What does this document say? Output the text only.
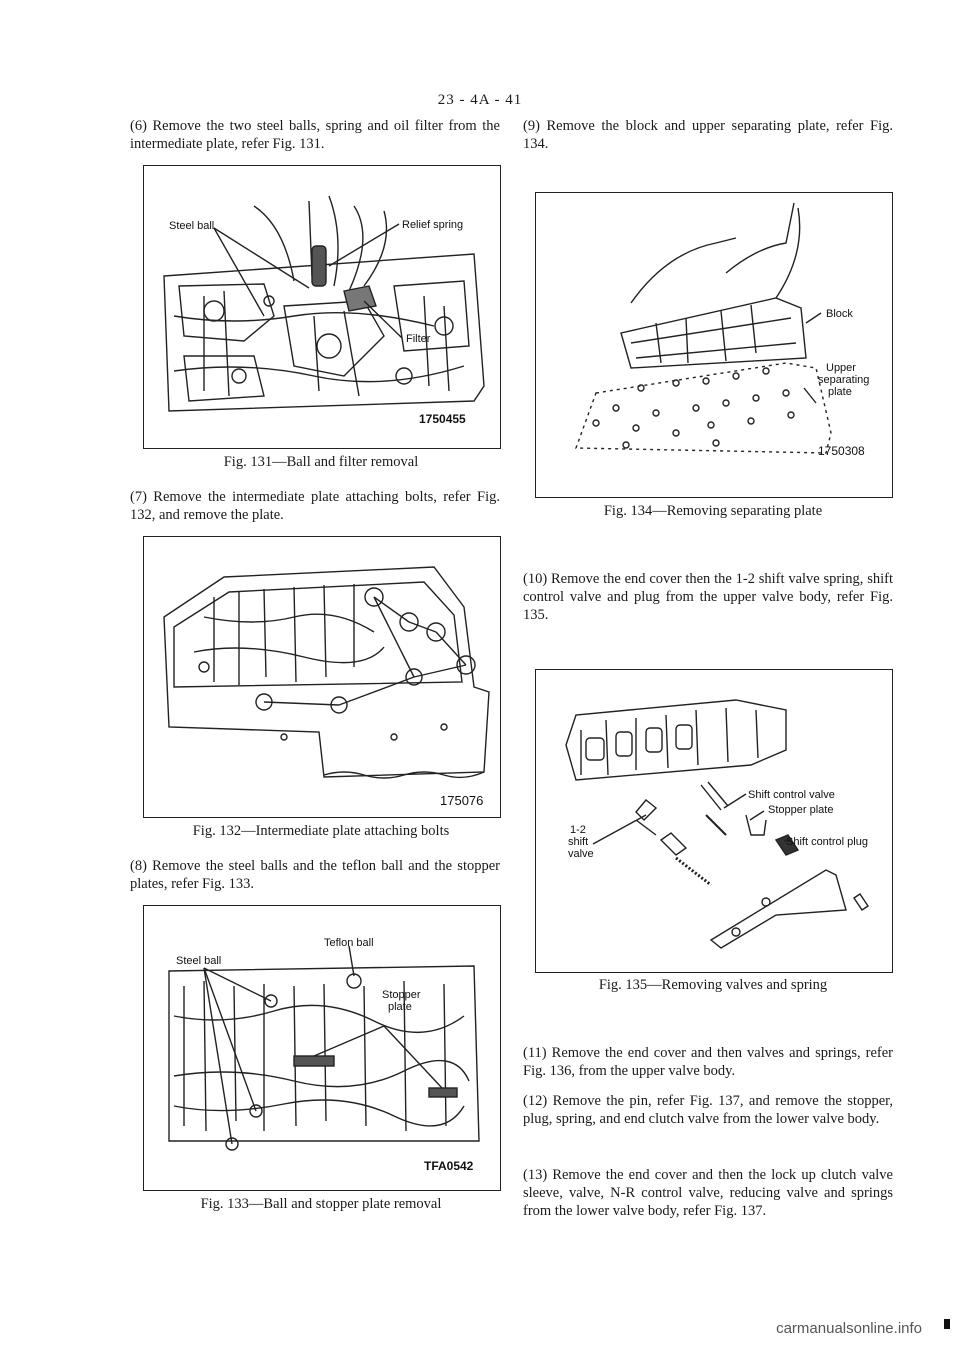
23 - 4A - 41

(6) Remove the two steel balls, spring and oil filter from the intermediate plate, refer Fig. 131.

Steel ball	Relief spring
Filter
1750455
Fig. 131—Ball and filter removal

(7) Remove the intermediate plate attaching bolts, refer Fig. 132, and remove the plate.

175076
Fig. 132—Intermediate plate attaching bolts

(8) Remove the steel balls and the teflon ball and the stopper plates, refer Fig. 133.

Teflon ball
Steel ball
Stopper
plate
TFA0542
Fig. 133—Ball and stopper plate removal

(9) Remove the block and upper separating plate, refer Fig. 134.

Block
Upper
separating
plate
1750308
Fig. 134—Removing separating plate

(10) Remove the end cover then the 1-2 shift valve spring, shift control valve and plug from the upper valve body, refer Fig. 135.

Shift control valve
Stopper plate
Shift control plug
1-2
shift
valve
Fig. 135—Removing valves and spring

(11) Remove the end cover and then valves and springs, refer Fig. 136, from the upper valve body.

(12) Remove the pin, refer Fig. 137, and remove the stopper, plug, spring, and end clutch valve from the lower valve body.

(13) Remove the end cover and then the lock up clutch valve sleeve, valve, N-R control valve, reducing valve and springs from the lower valve body, refer Fig. 137.

carmanualsonline.info
